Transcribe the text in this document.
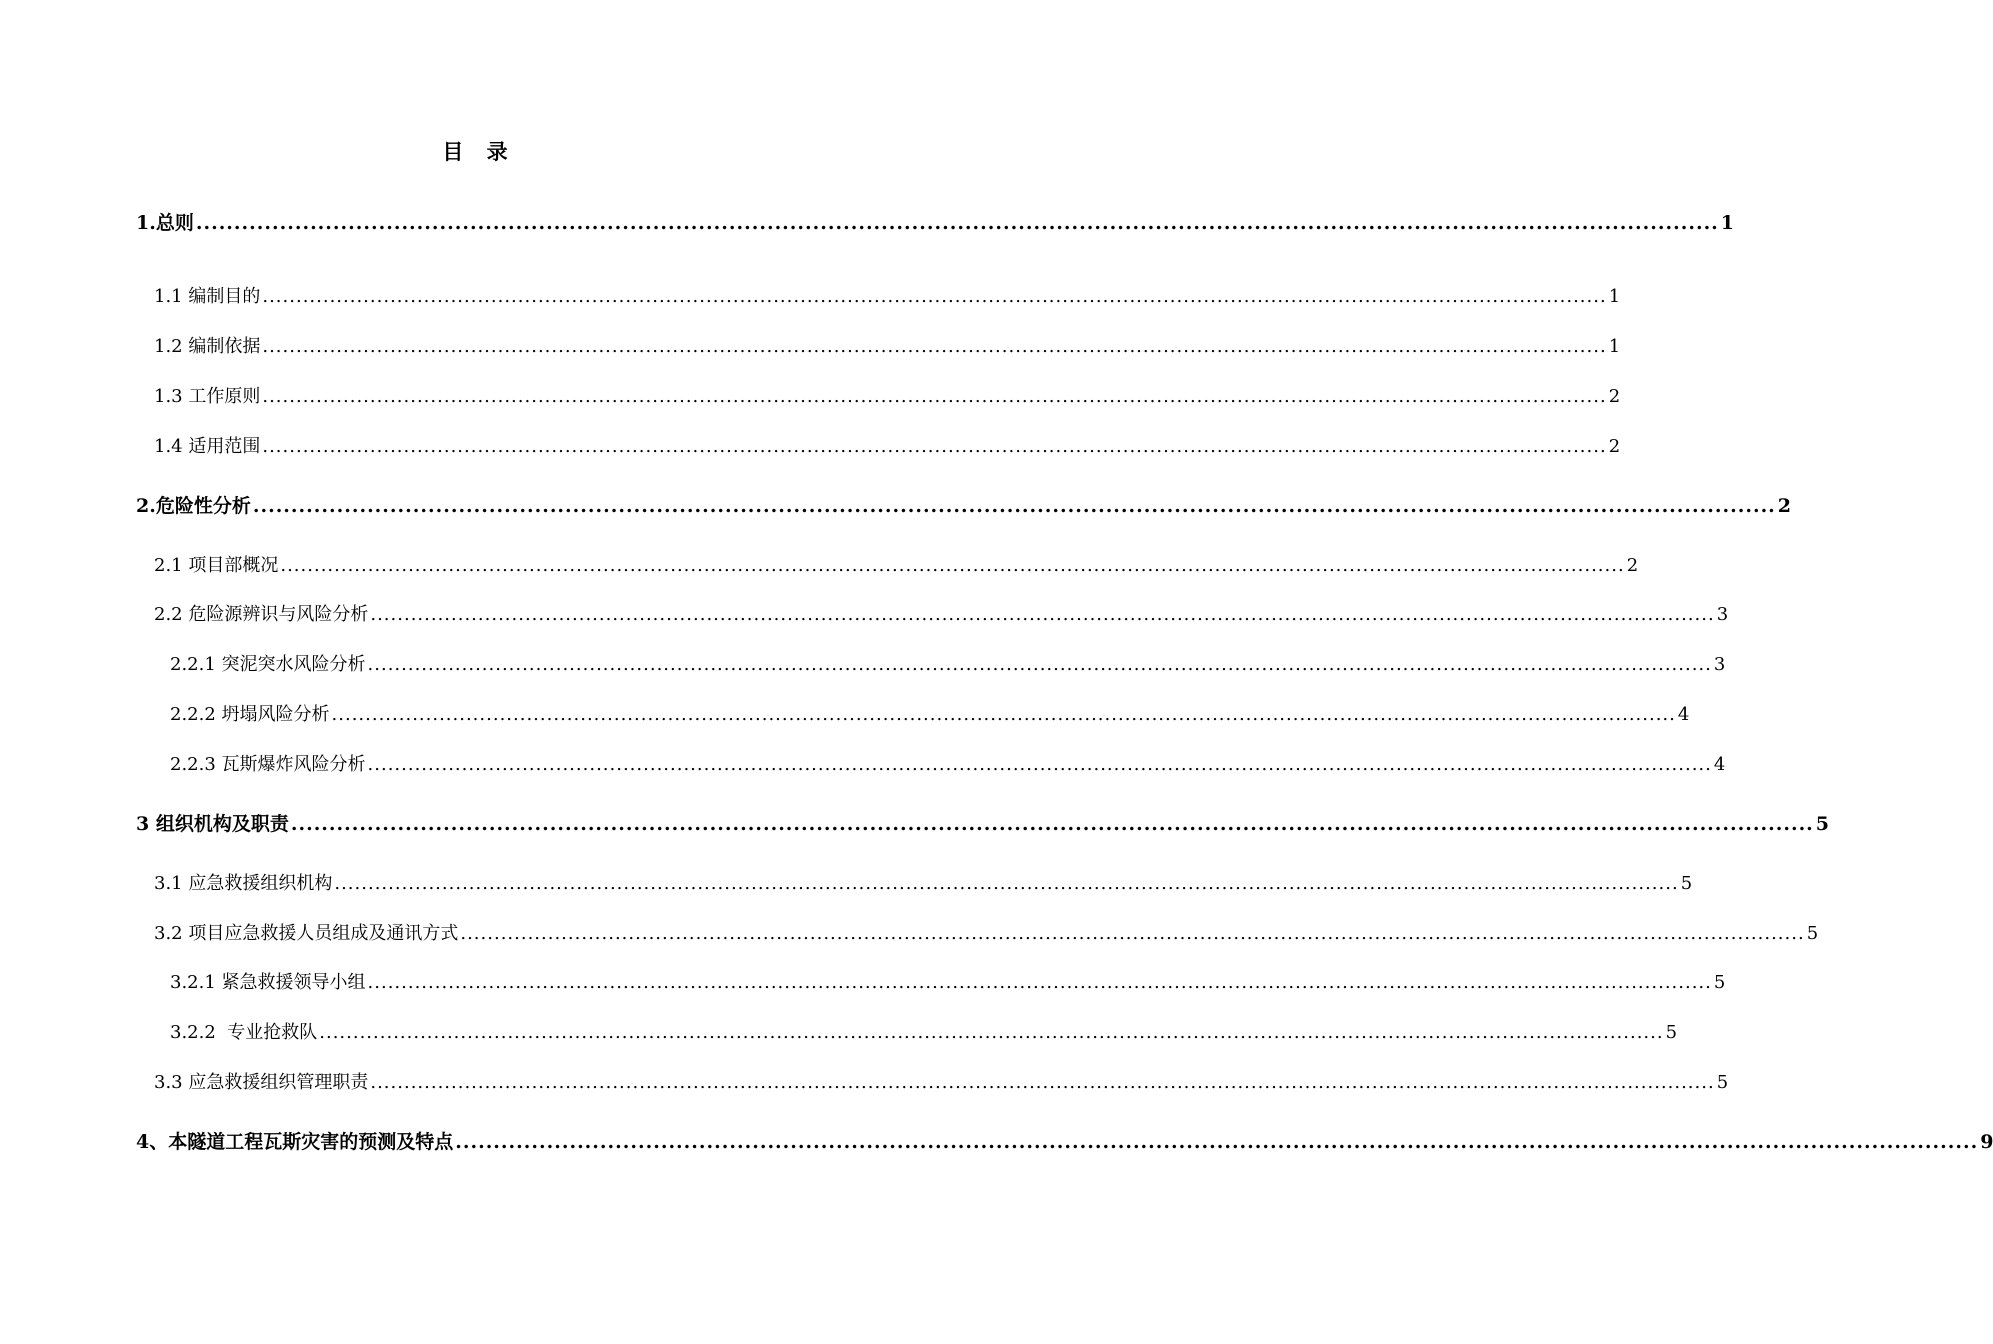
目 录
1.总则 ........................................................................................................................................................................................................ 1
1.1 编制目的 ........................................................................................................................................................................................................ 1
1.2 编制依据 ........................................................................................................................................................................................................ 1
1.3 工作原则 ........................................................................................................................................................................................................ 2
1.4 适用范围 ........................................................................................................................................................................................................ 2
2.危险性分析 ........................................................................................................................................................................................................ 2
2.1 项目部概况 ........................................................................................................................................................................................................ 2
2.2 危险源辨识与风险分析 ........................................................................................................................................................................................................ 3
2.2.1 突泥突水风险分析 ........................................................................................................................................................................................................ 3
2.2.2 坍塌风险分析 ........................................................................................................................................................................................................ 4
2.2.3 瓦斯爆炸风险分析 ........................................................................................................................................................................................................ 4
3 组织机构及职责 ........................................................................................................................................................................................................ 5
3.1 应急救援组织机构 ........................................................................................................................................................................................................ 5
3.2 项目应急救援人员组成及通讯方式 ........................................................................................................................................................................................................ 5
3.2.1 紧急救援领导小组 ........................................................................................................................................................................................................ 5
3.2.2  专业抢救队 ........................................................................................................................................................................................................ 5
3.3 应急救援组织管理职责 ........................................................................................................................................................................................................ 5
4、本隧道工程瓦斯灾害的预测及特点 ........................................................................................................................................................................................................ 9
